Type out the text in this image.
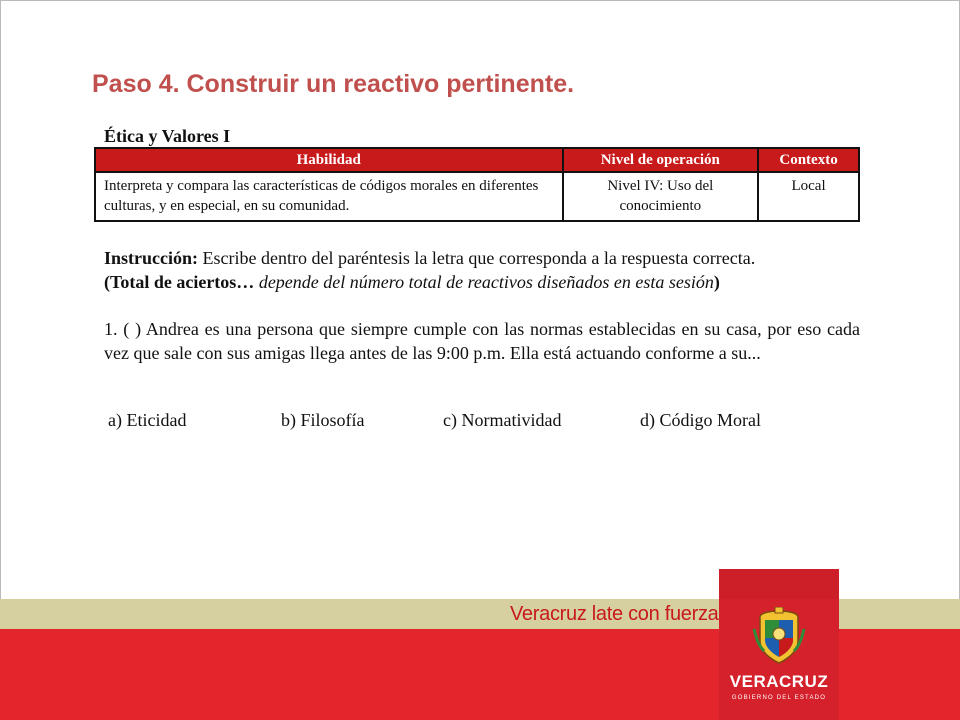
Paso 4. Construir un reactivo pertinente.
Ética y Valores I
Habilidad	Nivel de operación	Contexto
Interpreta y compara las características de códigos morales en diferentes culturas, y en especial, en su comunidad.	Nivel IV: Uso del conocimiento	Local
Instrucción: Escribe dentro del paréntesis la letra que corresponda a la respuesta correcta.
(Total de aciertos… depende del número total de reactivos diseñados en esta sesión)
1. ( ) Andrea es una persona que siempre cumple con las normas establecidas en su casa, por eso cada vez que sale con sus amigas llega antes de las 9:00 p.m. Ella está actuando conforme a su...
a) Eticidad	b) Filosofía	c) Normatividad	d) Código Moral
Veracruz late con fuerza
VERACRUZ
GOBIERNO DEL ESTADO
